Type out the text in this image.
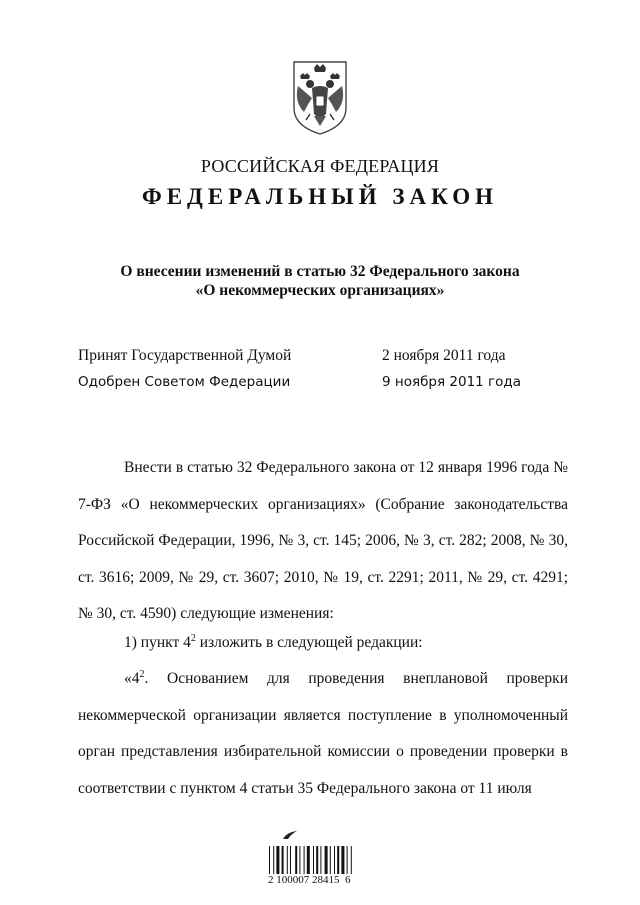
РОССИЙСКАЯ ФЕДЕРАЦИЯ
ФЕДЕРАЛЬНЫЙ ЗАКОН
О внесении изменений в статью 32 Федерального закона
«О некоммерческих организациях»
Принят Государственной Думой	2 ноября 2011 года
Одобрен Советом Федерации	9 ноября 2011 года

Внести в статью 32 Федерального закона от 12 января 1996 года № 7-ФЗ «О некоммерческих организациях» (Собрание законодательства Российской Федерации, 1996, № 3, ст. 145; 2006, № 3, ст. 282; 2008, № 30, ст. 3616; 2009, № 29, ст. 3607; 2010, № 19, ст. 2291; 2011, № 29, ст. 4291; № 30, ст. 4590) следующие изменения:

1) пункт $4^2$ изложить в следующей редакции:

«$4^2$. Основанием для проведения внеплановой проверки некоммерческой организации является поступление в уполномоченный орган представления избирательной комиссии о проведении проверки в соответствии с пунктом 4 статьи 35 Федерального закона от 11 июля

2 100007 28415  6
